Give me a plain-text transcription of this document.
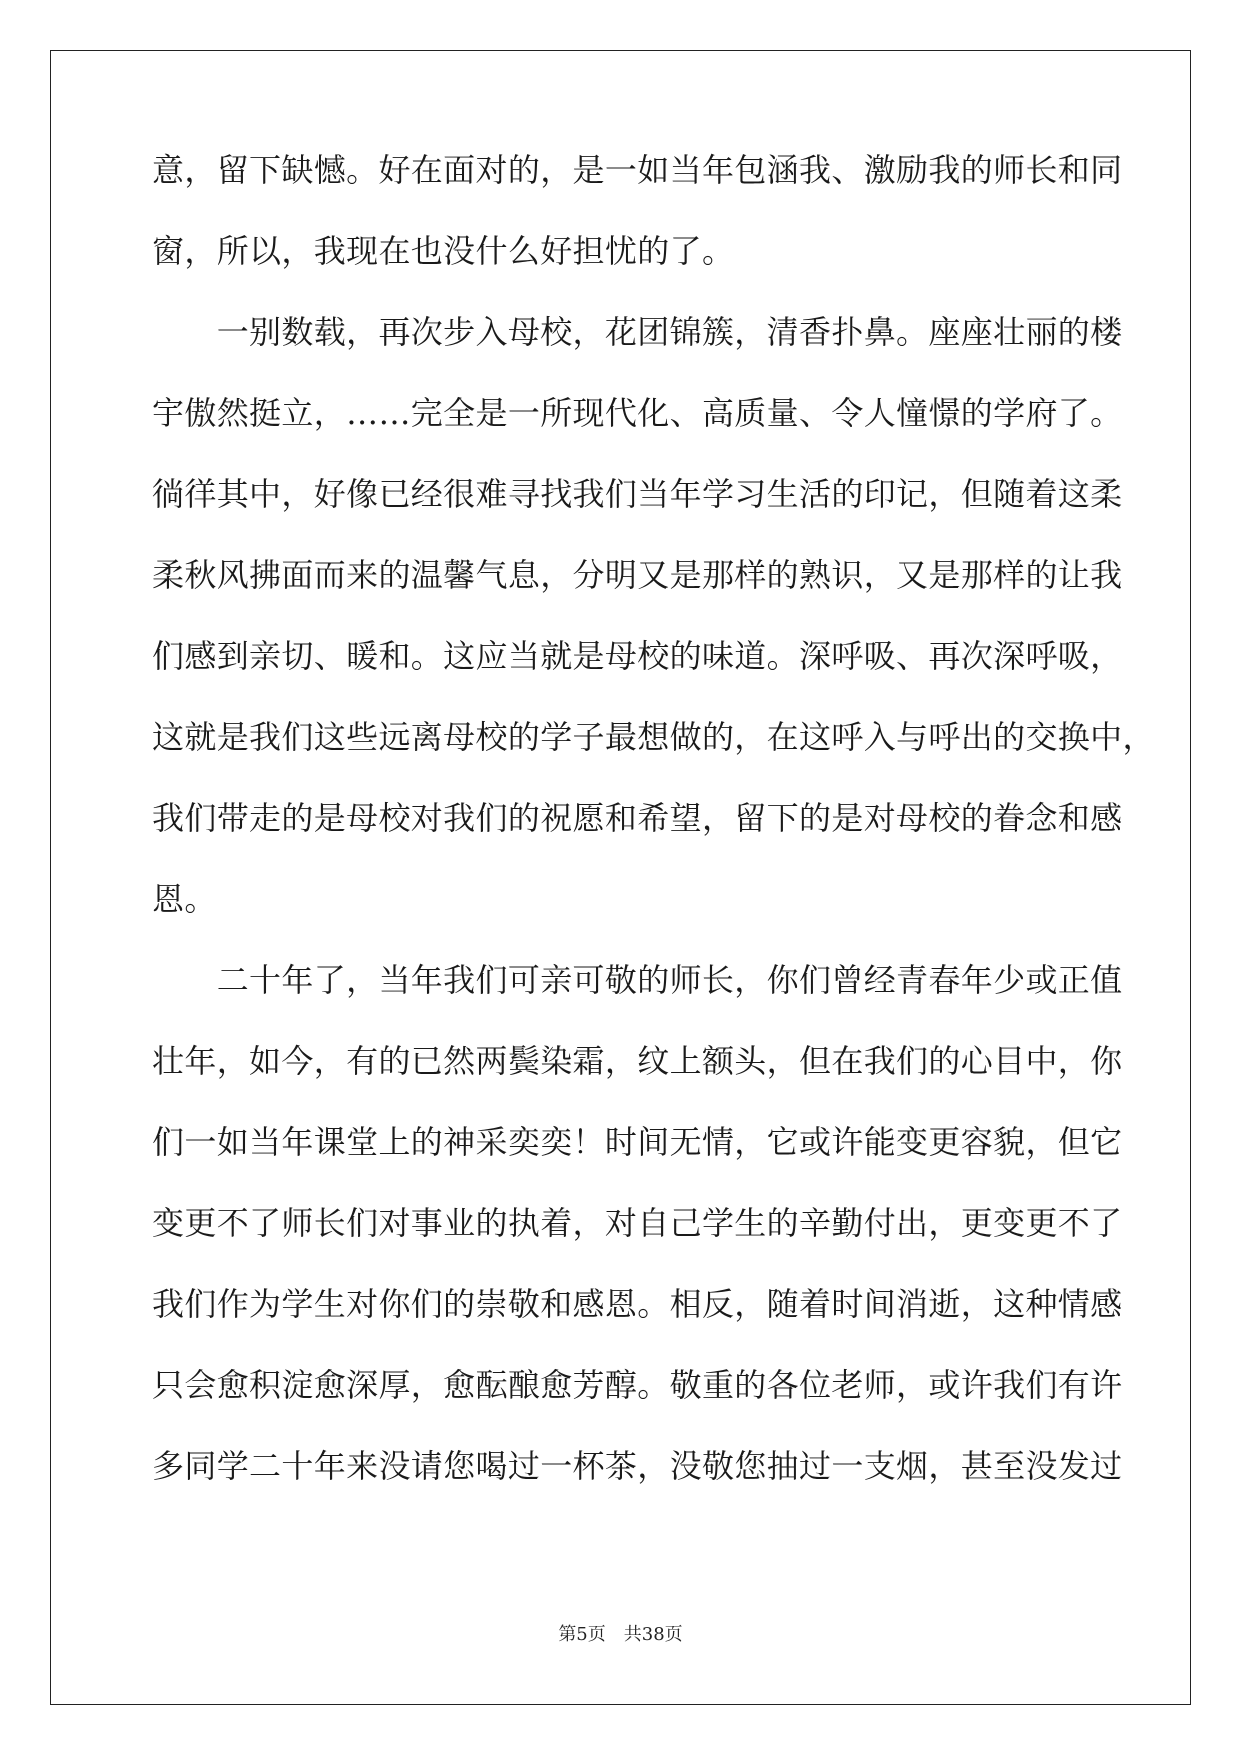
意，留下缺憾。好在面对的，是一如当年包涵我、激励我的师长和同
窗，所以，我现在也没什么好担忧的了。
　　一别数载，再次步入母校，花团锦簇，清香扑鼻。座座壮丽的楼
宇傲然挺立，……完全是一所现代化、高质量、令人憧憬的学府了。
徜徉其中，好像已经很难寻找我们当年学习生活的印记，但随着这柔
柔秋风拂面而来的温馨气息，分明又是那样的熟识，又是那样的让我
们感到亲切、暖和。这应当就是母校的味道。深呼吸、再次深呼吸，
这就是我们这些远离母校的学子最想做的，在这呼入与呼出的交换中，
我们带走的是母校对我们的祝愿和希望，留下的是对母校的眷念和感
恩。
　　二十年了，当年我们可亲可敬的师长，你们曾经青春年少或正值
壮年，如今，有的已然两鬓染霜，纹上额头，但在我们的心目中，你
们一如当年课堂上的神采奕奕！时间无情，它或许能变更容貌，但它
变更不了师长们对事业的执着，对自己学生的辛勤付出，更变更不了
我们作为学生对你们的崇敬和感恩。相反，随着时间消逝，这种情感
只会愈积淀愈深厚，愈酝酿愈芳醇。敬重的各位老师，或许我们有许
多同学二十年来没请您喝过一杯茶，没敬您抽过一支烟，甚至没发过
第5页 共38页
